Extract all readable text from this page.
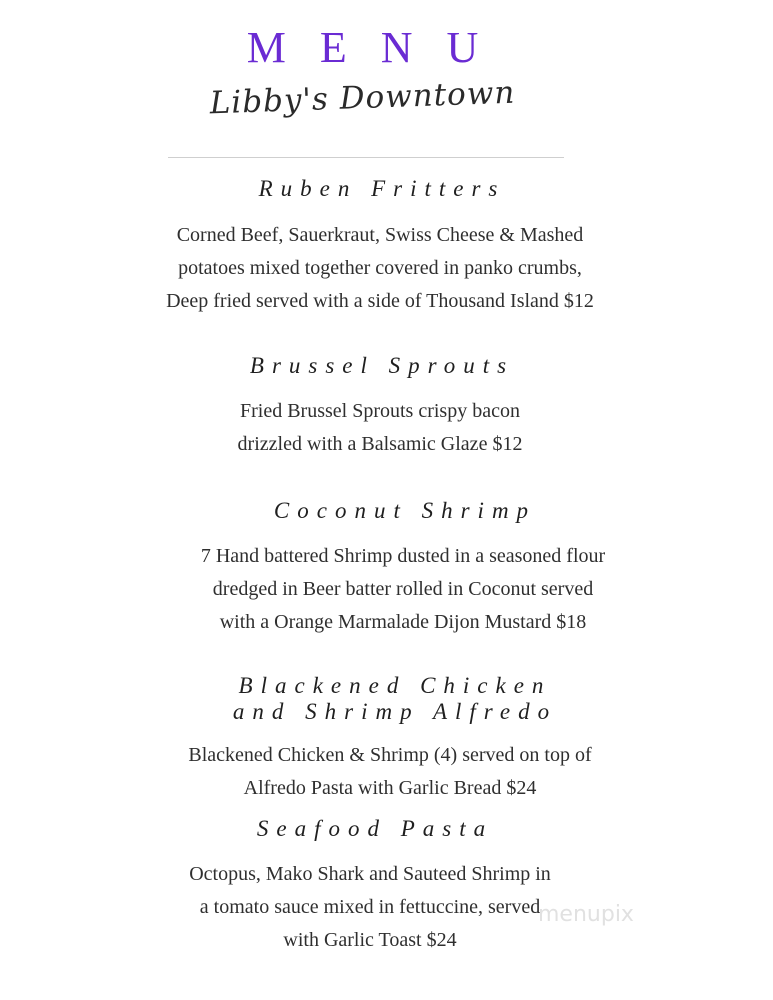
MENU
Libby's Downtown
Ruben Fritters
Corned Beef, Sauerkraut, Swiss Cheese & Mashed
potatoes mixed together covered in panko crumbs,
Deep fried served with a side of Thousand Island $12
Brussel Sprouts
Fried Brussel Sprouts crispy bacon
drizzled with a Balsamic Glaze $12
Coconut Shrimp
7 Hand battered Shrimp dusted in a seasoned flour
dredged in Beer batter rolled in Coconut served
with a Orange Marmalade Dijon Mustard $18
Blackened Chicken
and Shrimp Alfredo
Blackened Chicken & Shrimp (4) served on top of
Alfredo Pasta with Garlic Bread $24
Seafood Pasta
Octopus, Mako Shark and Sauteed Shrimp in
a tomato sauce mixed in fettuccine, served
with Garlic Toast $24
menupix
